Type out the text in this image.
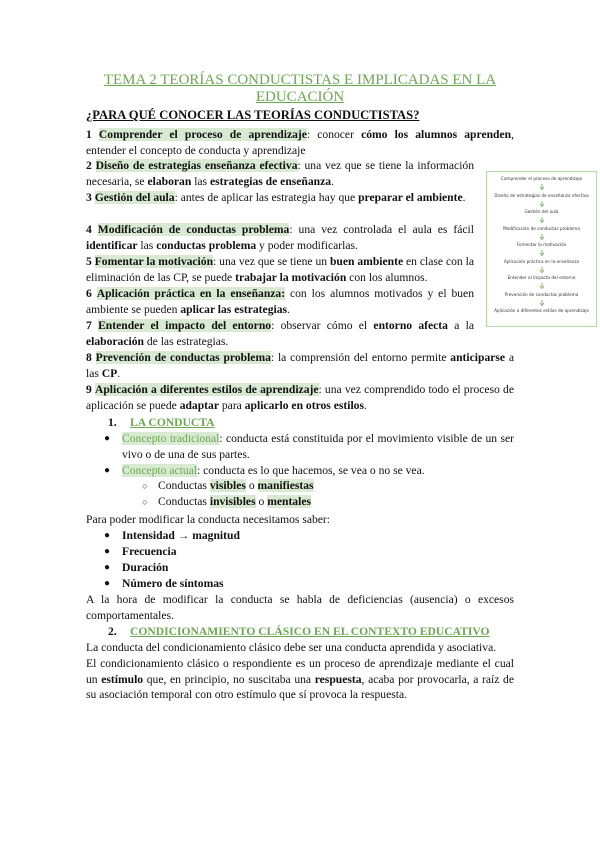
TEMA 2 TEORÍAS CONDUCTISTAS E IMPLICADAS EN LA EDUCACIÓN
¿PARA QUÉ CONOCER LAS TEORÍAS CONDUCTISTAS?
1 Comprender el proceso de aprendizaje: conocer cómo los alumnos aprenden, entender el concepto de conducta y aprendizaje
2 Diseño de estrategias enseñanza efectiva: una vez que se tiene la información necesaria, se elaboran las estrategias de enseñanza.
3 Gestión del aula: antes de aplicar las estrategia hay que preparar el ambiente.
4 Modificación de conductas problema: una vez controlada el aula es fácil identificar las conductas problema y poder modificarlas.
5 Fomentar la motivación: una vez que se tiene un buen ambiente en clase con la eliminación de las CP, se puede trabajar la motivación con los alumnos.
6 Aplicación práctica en la enseñanza: con los alumnos motivados y el buen ambiente se pueden aplicar las estrategias.
7 Entender el impacto del entorno: observar cómo el entorno afecta a la elaboración de las estrategias.
8 Prevención de conductas problema: la comprensión del entorno permite anticiparse a las CP.
9 Aplicación a diferentes estilos de aprendizaje: una vez comprendido todo el proceso de aplicación se puede adaptar para aplicarlo en otros estilos.
1. LA CONDUCTA
● Concepto tradicional: conducta está constituida por el movimiento visible de un ser vivo o de una de sus partes.
● Concepto actual: conducta es lo que hacemos, se vea o no se vea.
○ Conductas visibles o manifiestas
○ Conductas invisibles o mentales
Para poder modificar la conducta necesitamos saber:
● Intensidad → magnitud
● Frecuencia
● Duración
● Número de síntomas
A la hora de modificar la conducta se habla de deficiencias (ausencia) o excesos comportamentales.
2. CONDICIONAMIENTO CLÁSICO EN EL CONTEXTO EDUCATIVO
La conducta del condicionamiento clásico debe ser una conducta aprendida y asociativa.
El condicionamiento clásico o respondiente es un proceso de aprendizaje mediante el cual un estímulo que, en principio, no suscitaba una respuesta, acaba por provocarla, a raíz de su asociación temporal con otro estímulo que sí provoca la respuesta.
Comprender el proceso de aprendizaje
Diseño de estrategias de enseñanza efectiva
Gestión del aula
Modificación de conductas problema
Fomentar la motivación
Aplicación práctica en la enseñanza
Entender el impacto del entorno
Prevención de conductas problema
Aplicación a diferentes estilos de aprendizaje
